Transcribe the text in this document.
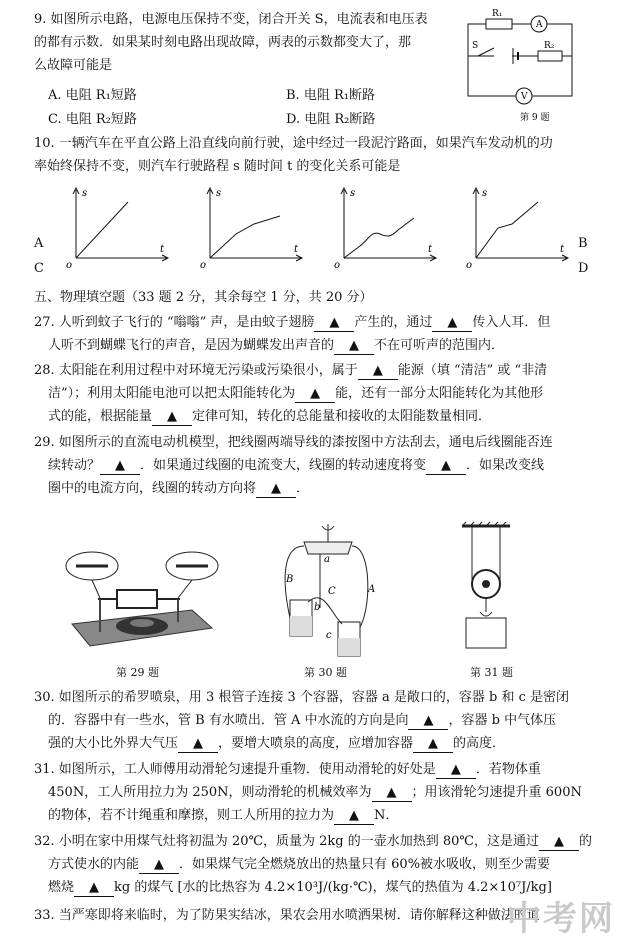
9. 如图所示电路，电源电压保持不变，闭合开关 S，电流表和电压表

的都有示数．如果某时刻电路出现故障，两表的示数都变大了，那

么故障可能是

A. 电阻 R₁短路	B. 电阻 R₁断路
C. 电阻 R₂短路	D. 电阻 R₂断路
R₁
A
S	R₂
V
第 9 题

10. 一辆汽车在平直公路上沿直线向前行驶，途中经过一段泥泞路面，如果汽车发动机的功

率始终保持不变，则汽车行驶路程 s 随时间 t 的变化关系可能是

A
C
B
D
s
t
o
s
t
o
s
t
o
s
t
o
五、物理填空题（33 题 2 分，其余每空 1 分，共 20 分）

27. 人听到蚊子飞行的 “嗡嗡” 声，是由蚊子翅膀 ▲ 产生的，通过 ▲ 传入人耳．但

人听不到蝴蝶飞行的声音，是因为蝴蝶发出声音的 ▲ 不在可听声的范围内．

28. 太阳能在利用过程中对环境无污染或污染很小，属于 ▲ 能源（填 “清洁” 或 “非清

洁”）；利用太阳能电池可以把太阳能转化为 ▲ 能，还有一部分太阳能转化为其他形

式的能，根据能量 ▲ 定律可知，转化的总能量和接收的太阳能数量相同．

29. 如图所示的直流电动机模型，把线圈两端导线的漆按图中方法刮去，通电后线圈能否连

续转动？ ▲ ．如果通过线圈的电流变大，线圈的转动速度将变 ▲ ．如果改变线

圈中的电流方向，线圈的转动方向将 ▲ ．

第 29 题
B
a
C	A
b
c
第 30 题	第 31 题

30. 如图所示的希罗喷泉，用 3 根管子连接 3 个容器，容器 a 是敞口的，容器 b 和 c 是密闭

的．容器中有一些水，管 B 有水喷出．管 A 中水流的方向是向 ▲ ，容器 b 中气体压

强的大小比外界大气压 ▲ ，要增大喷泉的高度，应增加容器 ▲ 的高度．

31. 如图所示，工人师傅用动滑轮匀速提升重物．使用动滑轮的好处是 ▲ ．若物体重

450N，工人所用拉力为 250N，则动滑轮的机械效率为 ▲ ；用该滑轮匀速提升重 600N

的物体，若不计绳重和摩擦，则工人所用的拉力为 ▲ N．

32. 小明在家中用煤气灶将初温为 20℃，质量为 2kg 的一壶水加热到 80℃，这是通过 ▲ 的

方式使水的内能 ▲ ．如果煤气完全燃烧放出的热量只有 60%被水吸收，则至少需要

燃烧 ▲ kg 的煤气 [水的比热容为 4.2×10³J/(kg·℃)，煤气的热值为 4.2×10⁷J/kg]

33. 当严寒即将来临时，为了防果实结冰，果农会用水喷洒果树．请你解释这种做法的道

中考网
